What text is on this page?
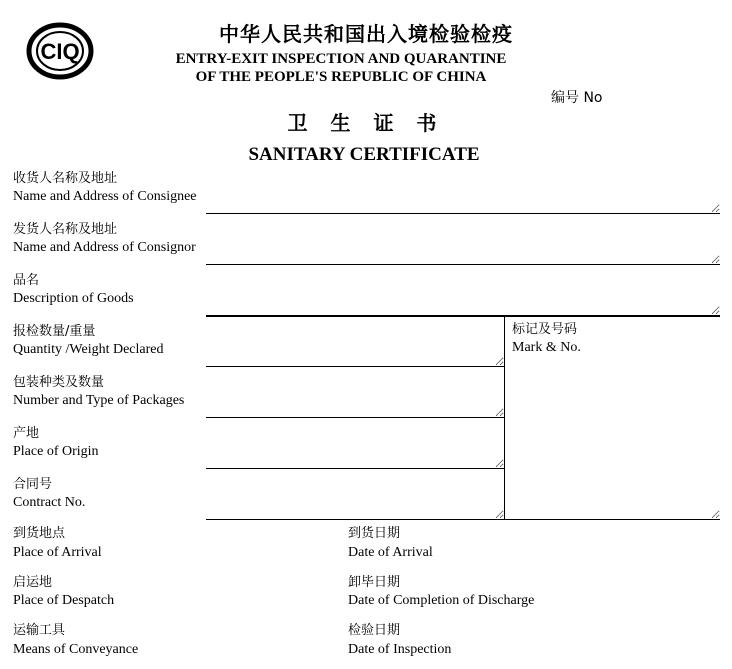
CIQ
中华人民共和国出入境检验检疫
ENTRY-EXIT INSPECTION AND QUARANTINE
OF THE PEOPLE'S REPUBLIC OF CHINA
编号 No
卫 生 证 书
SANITARY CERTIFICATE
收货人名称及地址
Name and Address of Consignee
发货人名称及地址
Name and Address of Consignor
品名
Description of Goods
报检数量/重量
Quantity /Weight Declared
包装种类及数量
Number and Type of Packages
产地
Place of Origin
合同号
Contract No.
标记及号码
Mark & No.
到货地点
Place of Arrival
到货日期
Date of Arrival
启运地
Place of Despatch
卸毕日期
Date of Completion of Discharge
运输工具
Means of Conveyance
检验日期
Date of Inspection
